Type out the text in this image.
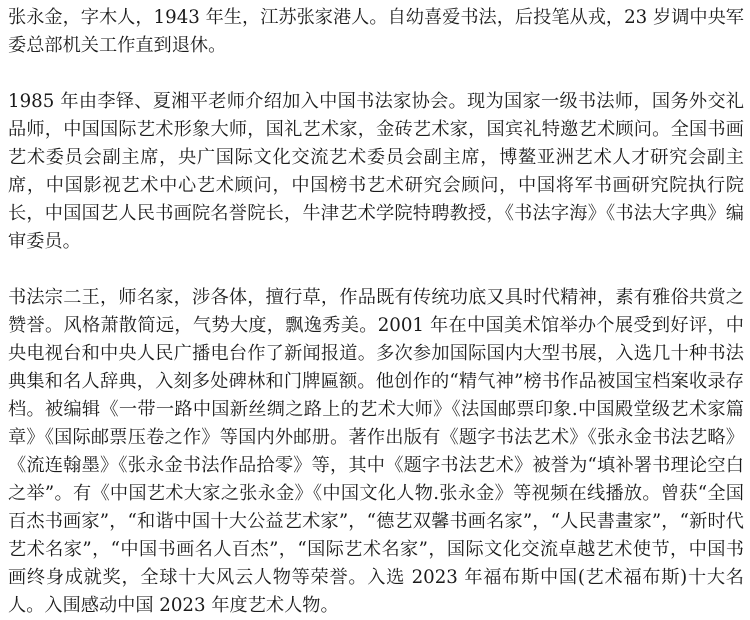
张永金，字木人，1943 年生，江苏张家港人。自幼喜爱书法，后投笔从戎，23 岁调中央军委总部机关工作直到退休。

1985 年由李铎、夏湘平老师介绍加入中国书法家协会。现为国家一级书法师，国务外交礼品师，中国国际艺术形象大师，国礼艺术家，金砖艺术家，国宾礼特邀艺术顾问。全国书画艺术委员会副主席，央广国际文化交流艺术委员会副主席，博鳌亚洲艺术人才研究会副主席，中国影视艺术中心艺术顾问，中国榜书艺术研究会顾问，中国将军书画研究院执行院长，中国国艺人民书画院名誉院长，牛津艺术学院特聘教授，《书法字海》《书法大字典》编审委员。

书法宗二王，师名家，涉各体，擅行草，作品既有传统功底又具时代精神，素有雅俗共赏之赞誉。风格萧散简远，气势大度，飘逸秀美。2001 年在中国美术馆举办个展受到好评，中央电视台和中央人民广播电台作了新闻报道。多次参加国际国内大型书展，入选几十种书法典集和名人辞典，入刻多处碑林和门牌匾额。他创作的“精气神”榜书作品被国宝档案收录存档。被编辑《一带一路中国新丝绸之路上的艺术大师》《法国邮票印象.中国殿堂级艺术家篇章》《国际邮票压卷之作》等国内外邮册。著作出版有《题字书法艺术》《张永金书法艺略》《流连翰墨》《张永金书法作品拾零》等，其中《题字书法艺术》被誉为“填补署书理论空白之举”。有《中国艺术大家之张永金》《中国文化人物.张永金》等视频在线播放。曾获“全国百杰书画家”，“和谐中国十大公益艺术家”，“德艺双馨书画名家”，“人民書畫家”，“新时代艺术名家”，“中国书画名人百杰”，“国际艺术名家”，国际文化交流卓越艺术使节，中国书画终身成就奖，全球十大风云人物等荣誉。入选 2023 年福布斯中国(艺术福布斯)十大名人。入围感动中国 2023 年度艺术人物。
